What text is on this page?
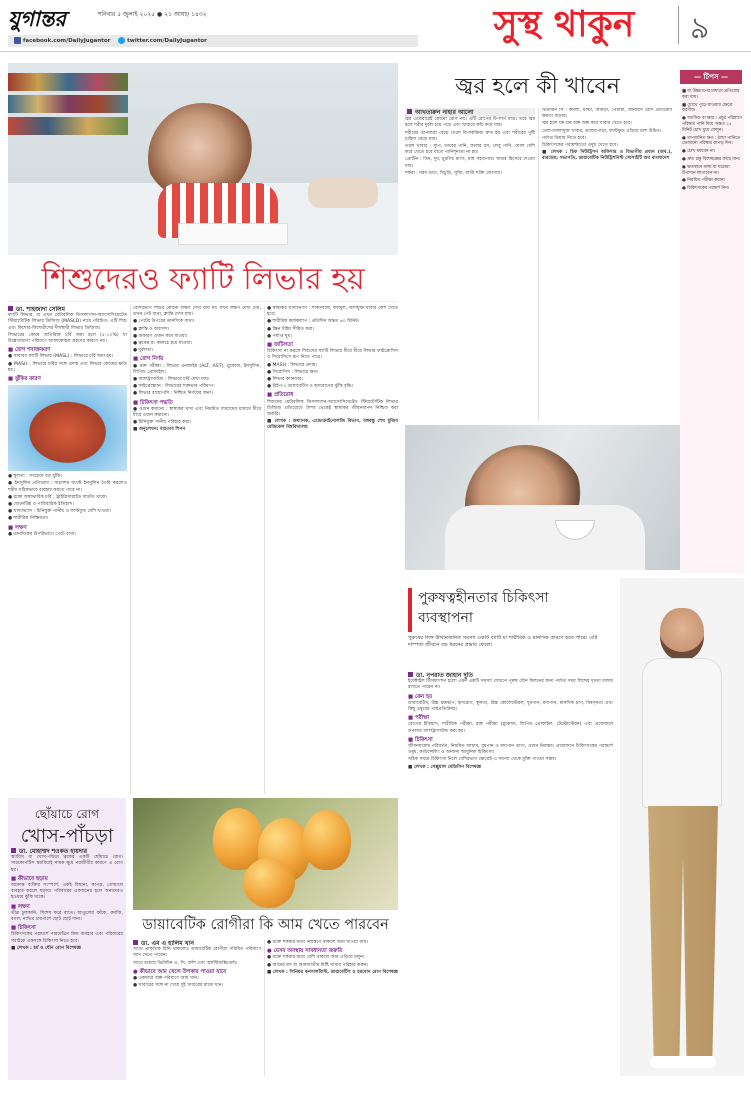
যুগান্তর	শনিবার ৫ জুলাই ২০২৫ ● ২১ আষাঢ় ১৪৩২
facebook.com/DailyJugantor	twitter.com/DailyJugantor	সুস্থ থাকুন	৯
শিশুদেরও ফ্যাটি লিভার হয়
ডা. শাহজাদা সেলিম

ফ্যাটি লিভার, বা এখন মেটাবলিক ডিসফাংশন-অ্যাসোসিয়েটেড স্টিয়াটোটিক লিভার ডিজিজ (MASLD) নামে পরিচিত। এটি শিশু এবং কিশোর-কিশোরীদের দীর্ঘস্থায়ী লিভার ডিজিজ।

লিভারের কোষে অতিরিক্ত চর্বি জমা হলে (৫-১০%) যা উল্লেখযোগ্য পরিমাণে অ্যালকোহল গ্রহণের কারণে নয়।

■ রোগ শনাক্তকরণ

● সাধারণ ফ্যাটি লিভার (MASL) : লিভারে চর্বি জমা হয়।

● MASH : লিভারে চর্বির সঙ্গে প্রদাহ এবং লিভার কোষের ক্ষতি হয়।

■ ঝুঁকির কারণ

● স্থূলতা : সবচেয়ে বড় ঝুঁকি।

● ইনসুলিন প্রতিরোধ : অগ্ন্যাশয় যথেষ্ট ইনসুলিন তৈরি করলেও শরীর সঠিকভাবে ব্যবহার করতে পারে না।

● রক্তে অস্বাভাবিক চর্বি : ট্রাইগ্লিসারাইড বাড়তি থাকে।

● জেনেটিক্স ও পারিবারিক ইতিহাস।

● খাদ্যাভ্যাস : চিনিযুক্ত পানীয় ও ফাস্টফুড বেশি খাওয়া।

● শারীরিক নিষ্ক্রিয়তা।

■ লক্ষণ

● ডানদিকের উপরিভাগে পেটে ব্যথা।

বেশিরভাগ শিশুর কোনো লক্ষণ দেখা যায় না। যখন লক্ষণ দেখা দেয়, তখন পেট ব্যথা, ক্লান্তি দেখা যায়।

● পেটের উপরের ডানদিকে ব্যথা।

● ক্লান্তি ও অবসাদ।

● অকারণ ওজন কমে যাওয়া।

● ত্বকের রং কালচে হয়ে যাওয়া।

● দুর্বলতা।

■ রোগ নির্ণয়

● রক্ত পরীক্ষা : লিভার এনজাইম (ALT, AST), গ্লুকোজ, ইনসুলিন, লিপিড প্রোফাইল।

● আলট্রাসাউন্ড : লিভারে চর্বি দেখা যায়।

● ফাইব্রোস্ক্যান : লিভারের শক্তভাব পরিমাপ।

● লিভার বায়োপসি : নিশ্চিত নির্ণয়ের জন্য।

■ চিকিৎসা পদ্ধতি

● ওজন কমানো : স্বাস্থ্যকর খাদ্য এবং নিয়মিত ব্যায়ামের মাধ্যমে ধীরে ধীরে ওজন কমানো।

● চিনিযুক্ত পানীয় পরিহার করা।

■ অনুলেখন: মাহতাব শিপন

● স্বাস্থ্যকর খাদ্যাভ্যাস : শাকসবজি, ফলমূল, আঁশযুক্ত খাবার বেশি খেতে হবে।

● শারীরিক কার্যকলাপ : প্রতিদিন অন্তত ৬০ মিনিট।

● স্ক্রিন টাইম সীমিত করা।

● পর্যাপ্ত ঘুম।

■ জটিলতা

চিকিৎসা না করলে শিশুদের ফ্যাটি লিভার ধীরে ধীরে লিভার ফাইব্রোসিস ও সিরোসিসে রূপ নিতে পারে।

● MASH : লিভারে প্রদাহ।

● সিরোসিস : লিভারে ক্ষত।

● লিভার ক্যানসার।

● টাইপ-২ ডায়াবেটিস ও হৃদরোগের ঝুঁকি বৃদ্ধি।

■ প্রতিরোধ

শিশুদের মেটাবলিক ডিসফাংশন-অ্যাসোসিয়েটেড স্টিয়াটোটিক লিভার ডিজিজ প্রতিরোধে শৈশব থেকেই স্বাস্থ্যকর জীবনযাপন নিশ্চিত করা জরুরি।

■ লেখক : অধ্যাপক, এন্ডোক্রাইনোলজি বিভাগ, বঙ্গবন্ধু শেখ মুজিব মেডিকেল বিশ্ববিদ্যালয়

জ্বর হলে কী খাবেন
আখতারুন নাহার আলো

জ্বর একেবারেই কোনো রোগ নয়। এটি রোগের উপসর্গ মাত্র। তবে জ্বর হলে শরীর দুর্বল হয়ে পড়ে এবং খাবারে রুচি কমে যায়।

শরীরের তাপমাত্রা বেড়ে গেলে বিপাকক্রিয়া দ্রুত হয় এবং শরীরের পুষ্টি চাহিদা বেড়ে যায়।

তরল খাবার : স্যুপ, ডাবের পানি, ফলের রস, লেবু পানি, ঘোল বেশি করে খেতে হবে যাতে পানিশূন্যতা না হয়।

প্রোটিন : ডিম, দুধ, মুরগির মাংস, মাছ সহজপাচ্য খাবার হিসেবে দেওয়া যায়।

শর্করা : নরম ভাত, খিচুড়ি, সুজি, জাউ শক্তি জোগায়।

ভিটামিন সি : কমলা, মাল্টা, আমড়া, পেয়ারা, আনারস রোগ প্রতিরোধ ক্ষমতা বাড়ায়।

জ্বর হলে ঘন ঘন অল্প অল্প করে খাবার খেতে হবে।

তেল-মসলাযুক্ত খাবার, ভাজাপোড়া, ফাস্টফুড এড়িয়ে চলা উচিত।

পর্যাপ্ত বিশ্রাম নিতে হবে।

চিকিৎসকের পরামর্শমতো ওষুধ খেতে হবে।

■ লেখক : চিফ নিউট্রিশন অফিসার ও বিভাগীয় প্রধান (অব.), বারডেম; সভাপতি, ডায়াবেটিক নিউট্রিশনিস্ট সোসাইটি অব বাংলাদেশ

— টিপস —

■ যা উচ্চচাপের মাধ্যমে প্রতিরোধ করা যায়।

■ চোখে পুড়ে যাওয়ার ক্ষেত্রে করণীয়।

● অ্যাসিড বা ক্ষার : প্রচুর পরিমাণে পরিষ্কার পানি দিয়ে অন্তত ১৫ মিনিট চোখ ধুয়ে ফেলুন।

● তাপজনিত ক্ষত : ঠান্ডা পানিতে ভেজানো পরিষ্কার কাপড় দিন।

● চোখ ঘষবেন না।

● দ্রুত চক্ষু বিশেষজ্ঞের কাছে যান।

● ক্ষতস্থানে মলম বা ঘরোয়া উপাদান লাগাবেন না।

● নিয়মিত পরীক্ষা করান।

● চিকিৎসকের পরামর্শ নিন।

পুরুষত্বহীনতার চিকিৎসা
ব্যবস্থাপনা
পুরুষের লিঙ্গ উত্থানজনিত সমস্যা একটি ব্যাধি যা শারীরিক ও মানসিক কারণে হতে পারে। এটি দাম্পত্য জীবনে বড় ধরনের প্রভাব ফেলে।
ডা. নৃপরাত জাহান দুতি

ইরেক্টাইল ডিসফাংশন হলো এমন একটি সমস্যা যেখানে পুরুষ যৌন মিলনের জন্য পর্যাপ্ত সময় লিঙ্গের দৃঢ়তা বজায় রাখতে পারেন না।

■ কেন হয়

ডায়াবেটিস, উচ্চ রক্তচাপ, হৃদরোগ, স্থূলতা, উচ্চ কোলেস্টেরল, ধূমপান, মদ্যপান, মানসিক চাপ, বিষণ্নতা এবং কিছু ওষুধের পার্শ্বপ্রতিক্রিয়া।

■ পরীক্ষা

রোগের ইতিহাস, শারীরিক পরীক্ষা, রক্ত পরীক্ষা (গ্লুকোজ, লিপিড প্রোফাইল, টেস্টোস্টেরন) এবং প্রয়োজনে ডপলার আলট্রাসাউন্ড করা হয়।

■ চিকিৎসা

জীবনযাত্রার পরিবর্তন, নিয়মিত ব্যায়াম, ধূমপান ও মদ্যপান ত্যাগ, ওজন নিয়ন্ত্রণ। প্রয়োজনে চিকিৎসকের পরামর্শে ওষুধ, কাউন্সেলিং ও অন্যান্য আধুনিক চিকিৎসা।

সঠিক সময়ে চিকিৎসা নিলে বেশিরভাগ ক্ষেত্রেই এ সমস্যা থেকে মুক্তি পাওয়া সম্ভব।

■ লেখক : সেক্সুয়াল মেডিসিন বিশেষজ্ঞ

ছোঁয়াচে রোগ
খোস-পাঁচড়া
ডা. মোহাম্মদ শওকত হায়দার

স্ক্যাবিস বা খোস-পাঁচড়া ত্বকের একটি ছোঁয়াচে রোগ। সারকোপটিস স্ক্যাবিয়াই নামক ক্ষুদ্র পরজীবীর কারণে এ রোগ হয়।

■ কীভাবে ছড়ায়

আক্রান্ত ব্যক্তির সংস্পর্শে, একই বিছানা, কাপড়, তোয়ালে ব্যবহার করলে ছড়ায়। পরিবারের একজনের হলে অন্যদেরও হওয়ার ঝুঁকি থাকে।

■ লক্ষণ

তীব্র চুলকানি, বিশেষ করে রাতে। আঙুলের ফাঁকে, কবজি, বগল, নাভির চারপাশে ছোট ছোট দানা।

■ চিকিৎসা

চিকিৎসকের পরামর্শে পারমেথ্রিন ক্রিম ব্যবহার এবং পরিবারের সবাইকে একসঙ্গে চিকিৎসা নিতে হবে।

■ লেখক : চর্ম ও যৌন রোগ বিশেষজ্ঞ

ডায়াবেটিক রোগীরা কি আম খেতে পারবেন
ডা. এম এ হালিম খান

আমে প্রাকৃতিক চিনি থাকলেও ডায়াবেটিক রোগীরা পরিমিত পরিমাণে আম খেতে পারেন।

আমে রয়েছে ভিটামিন এ, সি, আঁশ এবং অ্যান্টিঅক্সিডেন্ট।

● কীভাবে আম খেলে উপকার পাওয়া যাবে

● একবারে অল্প পরিমাণে আম খান।

● খাবারের সঙ্গে না খেয়ে দুই খাবারের মাঝে খান।

● রক্তে শর্করার মাত্রা নিয়ন্ত্রণে থাকলে আম খাওয়া যায়।

● যেসব অবস্থায় সাবধানতা জরুরি

● রক্তে শর্করার মাত্রা বেশি থাকলে আম এড়িয়ে চলুন।

● আমের রস বা আমজাতীয় মিষ্টি খাবার পরিহার করুন।

■ লেখক : সিনিয়র কনসালট্যান্ট, ডায়াবেটিস ও হরমোন রোগ বিশেষজ্ঞ
